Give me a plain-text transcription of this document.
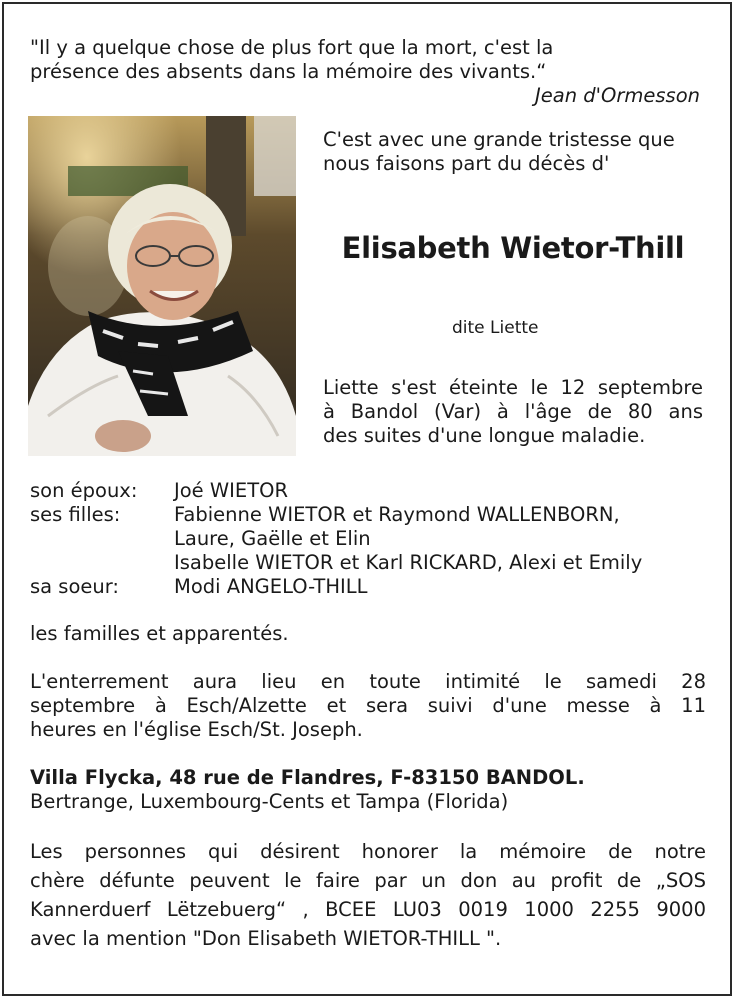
"Il y a quelque chose de plus fort que la mort, c'est la
présence des absents dans la mémoire des vivants.“
Jean d'Ormesson
C'est avec une grande tristesse que
nous faisons part du décès d'
Elisabeth Wietor-Thill
dite Liette
Liette s'est éteinte le 12 septembre
à Bandol (Var) à l'âge de 80 ans
des suites d'une longue maladie.
son époux: Joé WIETOR
ses filles:	Fabienne WIETOR et Raymond WALLENBORN,
Laure, Gaëlle et Elin
Isabelle WIETOR et Karl RICKARD, Alexi et Emily
sa soeur:	Modi ANGELO-THILL
les familles et apparentés.
L'enterrement aura lieu en toute intimité le samedi 28
septembre à Esch/Alzette et sera suivi d'une messe à 11
heures en l'église Esch/St. Joseph.
Villa Flycka, 48 rue de Flandres, F-83150 BANDOL.
Bertrange, Luxembourg-Cents et Tampa (Florida)
Les personnes qui désirent honorer la mémoire de notre
chère défunte peuvent le faire par un don au profit de „SOS
Kannerduerf Lëtzebuerg“ , BCEE LU03 0019 1000 2255 9000
avec la mention "Don Elisabeth WIETOR-THILL ".
